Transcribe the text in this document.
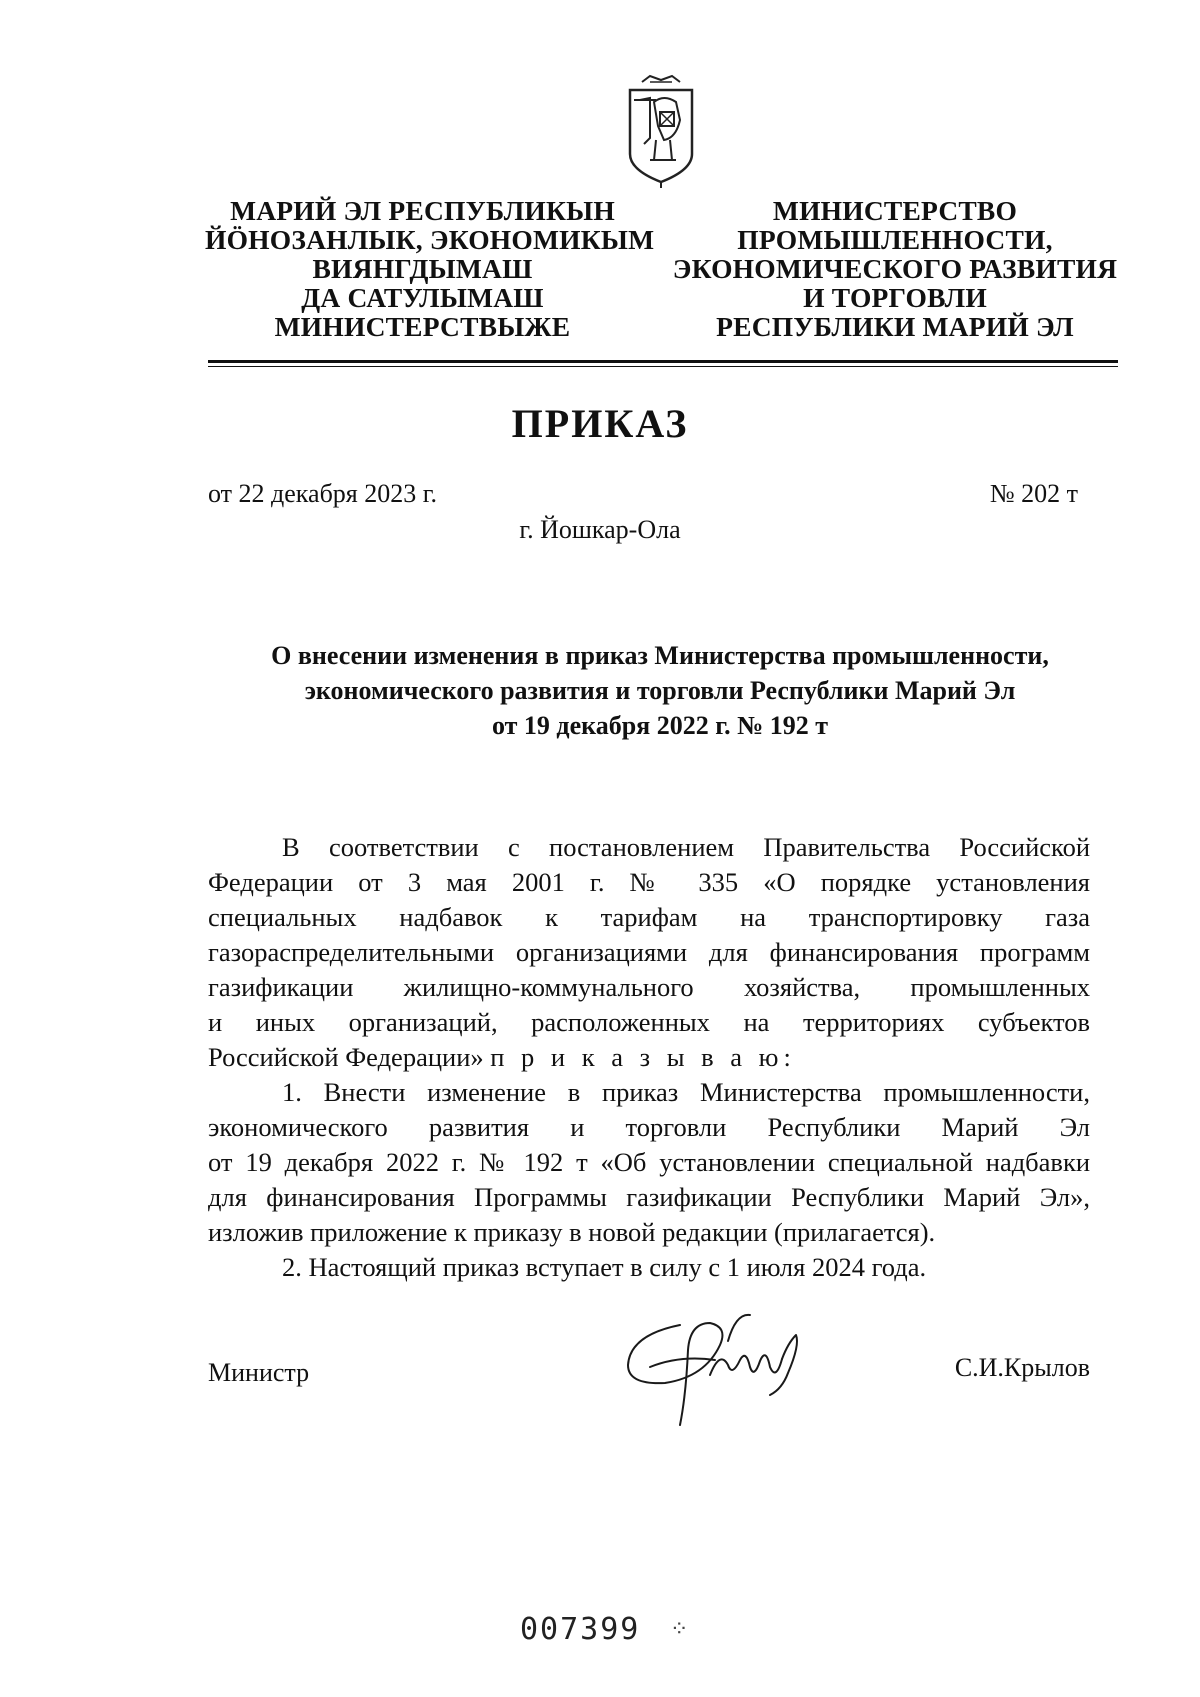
МАРИЙ ЭЛ РЕСПУБЛИКЫН
ЙӦНОЗАНЛЫК, ЭКОНОМИКЫМ
ВИЯНГДЫМАШ
ДА САТУЛЫМАШ
МИНИСТЕРСТВЫЖЕ
МИНИСТЕРСТВО
ПРОМЫШЛЕННОСТИ,
ЭКОНОМИЧЕСКОГО РАЗВИТИЯ
И ТОРГОВЛИ
РЕСПУБЛИКИ МАРИЙ ЭЛ
ПРИКАЗ
от 22 декабря 2023 г.	№ 202 т
г. Йошкар-Ола
О внесении изменения в приказ Министерства промышленности,
экономического развития и торговли Республики Марий Эл
от 19 декабря 2022 г. № 192 т
В соответствии с постановлением Правительства Российской
Федерации от 3 мая 2001 г. № 335 «О порядке установления
специальных надбавок к тарифам на транспортировку газа
газораспределительными организациями для финансирования программ
газификации жилищно-коммунального хозяйства, промышленных
и иных организаций, расположенных на территориях субъектов
Российской Федерации» п р и к а з ы в а ю:
1. Внести изменение в приказ Министерства промышленности,
экономического развития и торговли Республики Марий Эл
от 19 декабря 2022 г. № 192 т «Об установлении специальной надбавки
для финансирования Программы газификации Республики Марий Эл»,
изложив приложение к приказу в новой редакции (прилагается).
2. Настоящий приказ вступает в силу с 1 июля 2024 года.
Министр	С.И.Крылов
007399 ⁘
